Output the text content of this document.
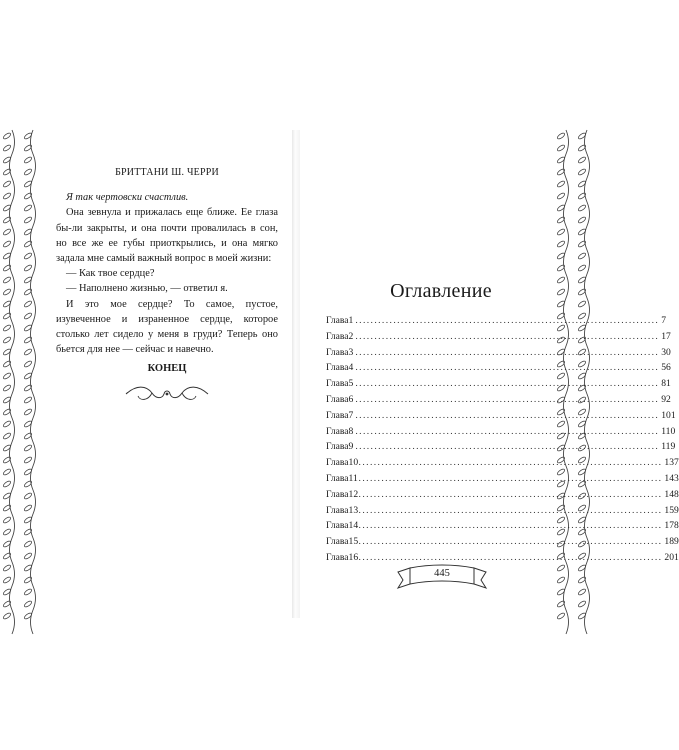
БРИТТАНИ Ш. ЧЕРРИ

Я так чертовски счастлив.

Она зевнула и прижалась еще ближе. Ее глаза бы-ли закрыты, и она почти провалилась в сон, но все же ее губы приоткрылись, и она мягко задала мне самый важный вопрос в моей жизни:

— Как твое сердце?

— Наполнено жизнью, — ответил я.

И это мое сердце? То самое, пустое, изувеченное и израненное сердце, которое столько лет сидело у меня в груди? Теперь оно бьется для нее — сейчас и навечно.

КОНЕЦ
Оглавление
Глава 1 ................................................................................ 7
Глава 2 ................................................................................ 17
Глава 3 ................................................................................ 30
Глава 4 ................................................................................ 56
Глава 5 ................................................................................ 81
Глава 6 ................................................................................ 92
Глава 7 ................................................................................ 101
Глава 8 ................................................................................ 110
Глава 9 ................................................................................ 119
Глава 10 ................................................................................ 137
Глава 11 ................................................................................ 143
Глава 12 ................................................................................ 148
Глава 13 ................................................................................ 159
Глава 14 ................................................................................ 178
Глава 15 ................................................................................ 189
Глава 16 ................................................................................ 201
445
